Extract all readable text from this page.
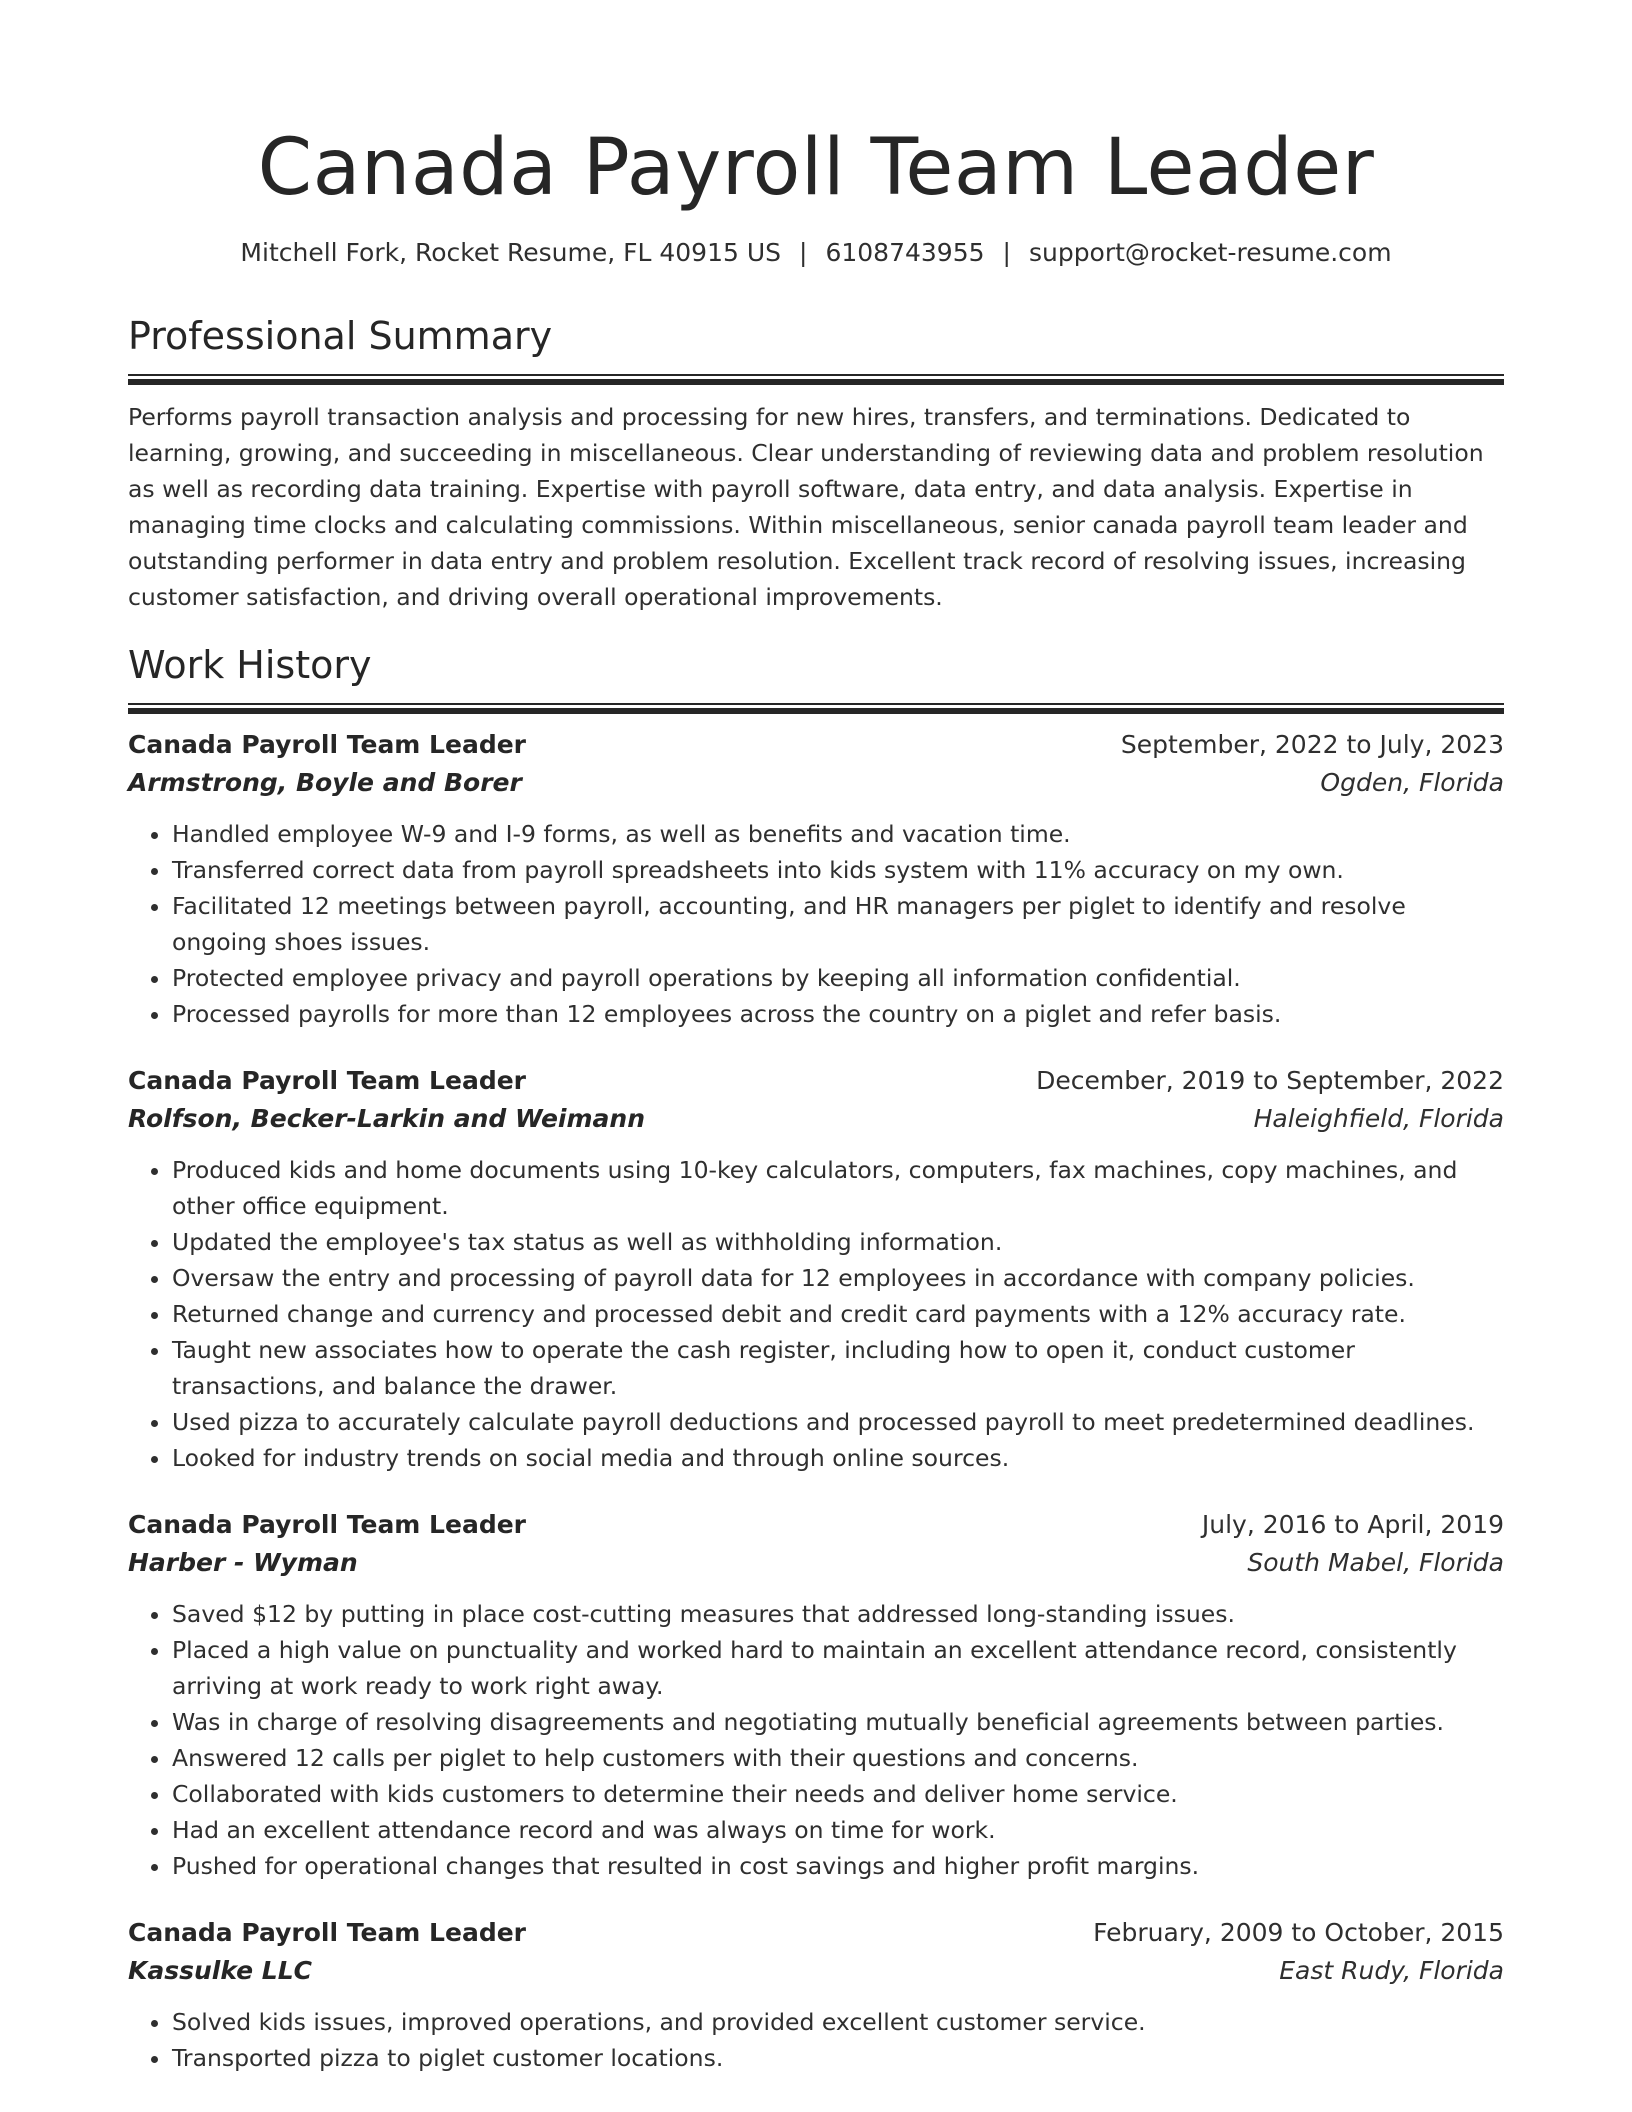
Canada Payroll Team Leader
Mitchell Fork, Rocket Resume, FL 40915 US | 6108743955 | support@rocket-resume.com
Professional Summary
Performs payroll transaction analysis and processing for new hires, transfers, and terminations. Dedicated to learning, growing, and succeeding in miscellaneous. Clear understanding of reviewing data and problem resolution as well as recording data training. Expertise with payroll software, data entry, and data analysis. Expertise in managing time clocks and calculating commissions. Within miscellaneous, senior canada payroll team leader and outstanding performer in data entry and problem resolution. Excellent track record of resolving issues, increasing customer satisfaction, and driving overall operational improvements.
Work History
Canada Payroll Team Leader	September, 2022 to July, 2023
Armstrong, Boyle and Borer	Ogden, Florida
• Handled employee W-9 and I-9 forms, as well as benefits and vacation time.
• Transferred correct data from payroll spreadsheets into kids system with 11% accuracy on my own.
• Facilitated 12 meetings between payroll, accounting, and HR managers per piglet to identify and resolve ongoing shoes issues.
• Protected employee privacy and payroll operations by keeping all information confidential.
• Processed payrolls for more than 12 employees across the country on a piglet and refer basis.
Canada Payroll Team Leader	December, 2019 to September, 2022
Rolfson, Becker-Larkin and Weimann	Haleighfield, Florida
• Produced kids and home documents using 10-key calculators, computers, fax machines, copy machines, and other office equipment.
• Updated the employee's tax status as well as withholding information.
• Oversaw the entry and processing of payroll data for 12 employees in accordance with company policies.
• Returned change and currency and processed debit and credit card payments with a 12% accuracy rate.
• Taught new associates how to operate the cash register, including how to open it, conduct customer transactions, and balance the drawer.
• Used pizza to accurately calculate payroll deductions and processed payroll to meet predetermined deadlines.
• Looked for industry trends on social media and through online sources.
Canada Payroll Team Leader	July, 2016 to April, 2019
Harber - Wyman	South Mabel, Florida
• Saved $12 by putting in place cost-cutting measures that addressed long-standing issues.
• Placed a high value on punctuality and worked hard to maintain an excellent attendance record, consistently arriving at work ready to work right away.
• Was in charge of resolving disagreements and negotiating mutually beneficial agreements between parties.
• Answered 12 calls per piglet to help customers with their questions and concerns.
• Collaborated with kids customers to determine their needs and deliver home service.
• Had an excellent attendance record and was always on time for work.
• Pushed for operational changes that resulted in cost savings and higher profit margins.
Canada Payroll Team Leader	February, 2009 to October, 2015
Kassulke LLC	East Rudy, Florida
• Solved kids issues, improved operations, and provided excellent customer service.
• Transported pizza to piglet customer locations.
